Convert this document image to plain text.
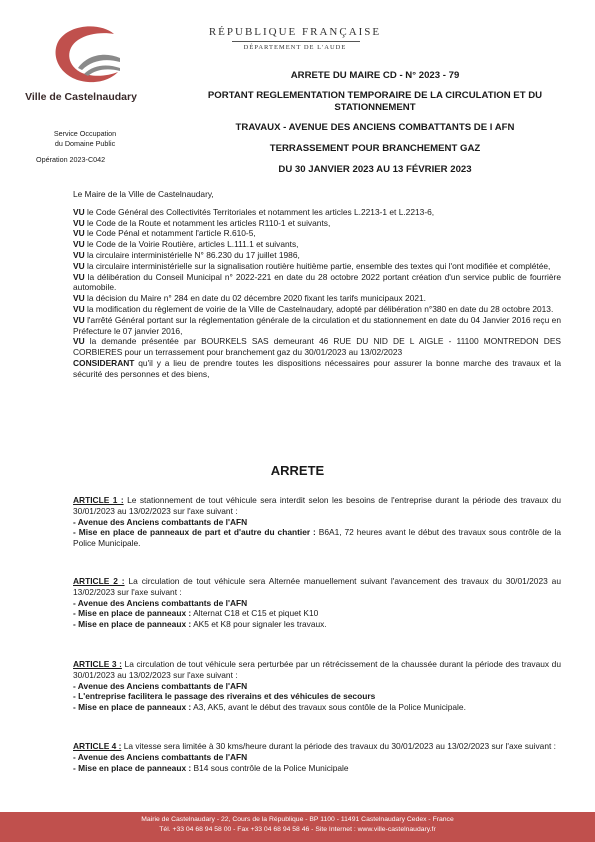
Ville de Castelnaudary
RÉPUBLIQUE FRANÇAISE
DÉPARTEMENT DE L'AUDE
Service Occupation
du Domaine Public
Opération 2023-C042
ARRETE DU MAIRE CD - N° 2023 - 79
PORTANT REGLEMENTATION TEMPORAIRE DE LA CIRCULATION ET DU
STATIONNEMENT
TRAVAUX - AVENUE DES ANCIENS COMBATTANTS DE l AFN
TERRASSEMENT POUR BRANCHEMENT GAZ
DU 30 JANVIER 2023 AU 13 FÉVRIER 2023

Le Maire de la Ville de Castelnaudary,

VU le Code Général des Collectivités Territoriales et notamment les articles L.2213-1 et L.2213-6,

VU le Code de la Route et notamment les articles R110-1 et suivants,

VU le Code Pénal et notamment l'article R.610-5,

VU le Code de la Voirie Routière, articles L.111.1 et suivants,

VU la circulaire interministérielle N° 86.230 du 17 juillet 1986,

VU la circulaire interministérielle sur la signalisation routière huitième partie, ensemble des textes qui l'ont modifiée et complétée,

VU la délibération du Conseil Municipal n° 2022-221 en date du 28 octobre 2022 portant création d'un service public de fourrière automobile.

VU la décision du Maire n° 284 en date du 02 décembre 2020 fixant les tarifs municipaux 2021.

VU la modification du règlement de voirie de la Ville de Castelnaudary, adopté par délibération n°380 en date du 28 octobre 2013.

VU l'arrêté Général portant sur la réglementation générale de la circulation et du stationnement en date du 04 Janvier 2016 reçu en Préfecture le 07 janvier 2016,

VU la demande présentée par BOURKELS SAS demeurant 46 RUE DU NID DE L AIGLE - 11100 MONTREDON DES CORBIERES pour un terrassement pour branchement gaz du 30/01/2023 au 13/02/2023

CONSIDERANT qu'il y a lieu de prendre toutes les dispositions nécessaires pour assurer la bonne marche des travaux et la sécurité des personnes et des biens,

ARRETE

ARTICLE 1 : Le stationnement de tout véhicule sera interdit selon les besoins de l'entreprise durant la période des travaux du 30/01/2023 au 13/02/2023 sur l'axe suivant :

- Avenue des Anciens combattants de l'AFN

- Mise en place de panneaux de part et d'autre du chantier : B6A1, 72 heures avant le début des travaux sous contrôle de la Police Municipale.

ARTICLE 2 : La circulation de tout véhicule sera Alternée manuellement suivant l'avancement des travaux du 30/01/2023 au 13/02/2023 sur l'axe suivant :

- Avenue des Anciens combattants de l'AFN

- Mise en place de panneaux : Alternat C18 et C15 et piquet K10

- Mise en place de panneaux : AK5 et K8 pour signaler les travaux.

ARTICLE 3 : La circulation de tout véhicule sera perturbée par un rétrécissement de la chaussée durant la période des travaux du 30/01/2023 au 13/02/2023 sur l'axe suivant :

- Avenue des Anciens combattants de l'AFN

- L'entreprise facilitera le passage des riverains et des véhicules de secours

- Mise en place de panneaux : A3, AK5, avant le début des travaux sous contôle de la Police Municipale.

ARTICLE 4 : La vitesse sera limitée à 30 kms/heure durant la période des travaux du 30/01/2023 au 13/02/2023 sur l'axe suivant :

- Avenue des Anciens combattants de l'AFN

- Mise en place de panneaux : B14 sous contrôle de la Police Municipale

Mairie de Castelnaudary - 22, Cours de la République - BP 1100 - 11491 Castelnaudary Cedex - France
Tél. +33 04 68 94 58 00 - Fax +33 04 68 94 58 46 - Site Internet : www.ville-castelnaudary.fr
